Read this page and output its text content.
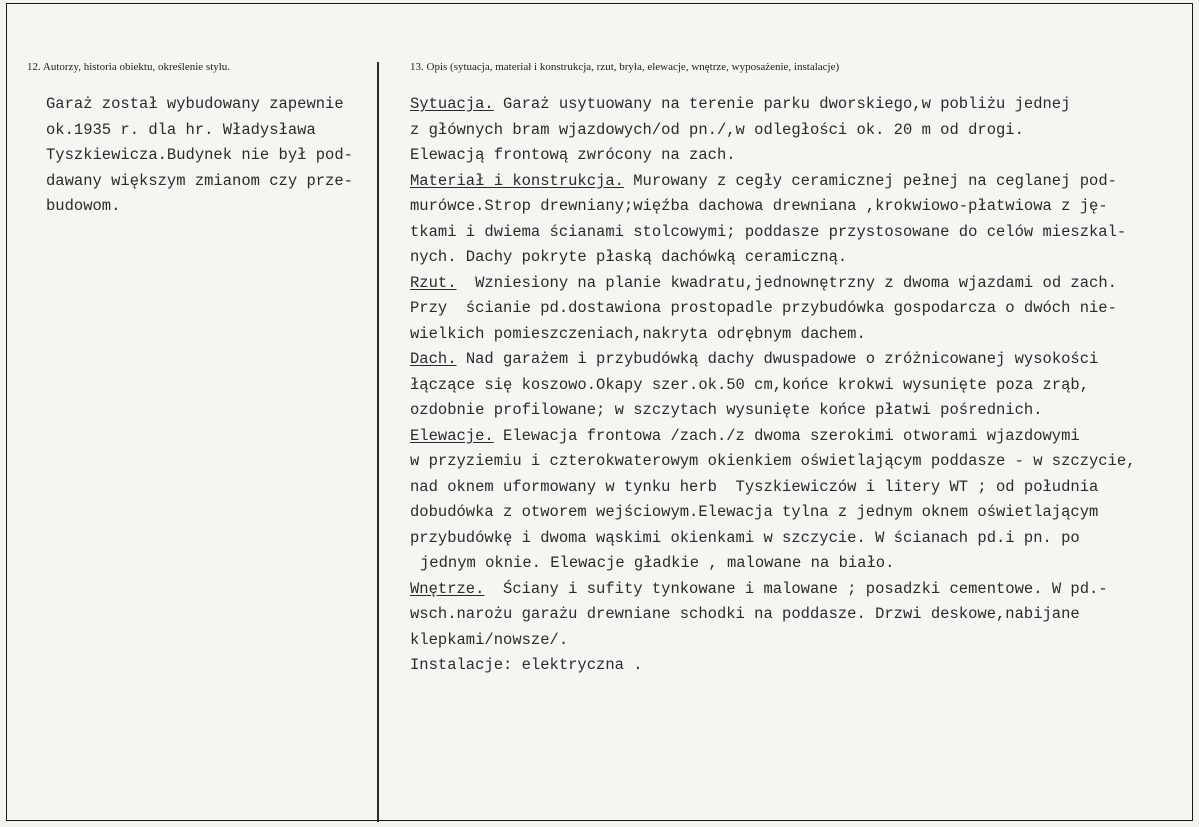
12. Autorzy, historia obiektu, określenie stylu.	13. Opis (sytuacja, materiał i konstrukcja, rzut, bryła, elewacje, wnętrze, wyposażenie, instalacje)
Garaż został wybudowany zapewnie
ok.1935 r. dla hr. Władysława
Tyszkiewicza.Budynek nie był pod-
dawany większym zmianom czy prze-
budowom.
Sytuacja. Garaż usytuowany na terenie parku dworskiego,w pobliżu jednej
z głównych bram wjazdowych/od pn./,w odległości ok. 20 m od drogi.
Elewacją frontową zwrócony na zach.
Materiał i konstrukcja. Murowany z cegły ceramicznej pełnej na ceglanej pod-
murówce.Strop drewniany;więźba dachowa drewniana ,krokwiowo-płatwiowa z ję-
tkami i dwiema ścianami stolcowymi; poddasze przystosowane do celów mieszkal-
nych. Dachy pokryte płaską dachówką ceramiczną.
Rzut.  Wzniesiony na planie kwadratu,jednownętrzny z dwoma wjazdami od zach.
Przy  ścianie pd.dostawiona prostopadle przybudówka gospodarcza o dwóch nie-
wielkich pomieszczeniach,nakryta odrębnym dachem.
Dach. Nad garażem i przybudówką dachy dwuspadowe o zróżnicowanej wysokości
łączące się koszowo.Okapy szer.ok.50 cm,końce krokwi wysunięte poza zrąb,
ozdobnie profilowane; w szczytach wysunięte końce płatwi pośrednich.
Elewacje. Elewacja frontowa /zach./z dwoma szerokimi otworami wjazdowymi
w przyziemiu i czterokwaterowym okienkiem oświetlającym poddasze - w szczycie,
nad oknem uformowany w tynku herb  Tyszkiewiczów i litery WT ; od południa
dobudówka z otworem wejściowym.Elewacja tylna z jednym oknem oświetlającym
przybudówkę i dwoma wąskimi okienkami w szczycie. W ścianach pd.i pn. po
jednym oknie. Elewacje gładkie , malowane na biało.
Wnętrze.  Ściany i sufity tynkowane i malowane ; posadzki cementowe. W pd.-
wsch.narożu garażu drewniane schodki na poddasze. Drzwi deskowe,nabijane
klepkami/nowsze/.
Instalacje: elektryczna .
